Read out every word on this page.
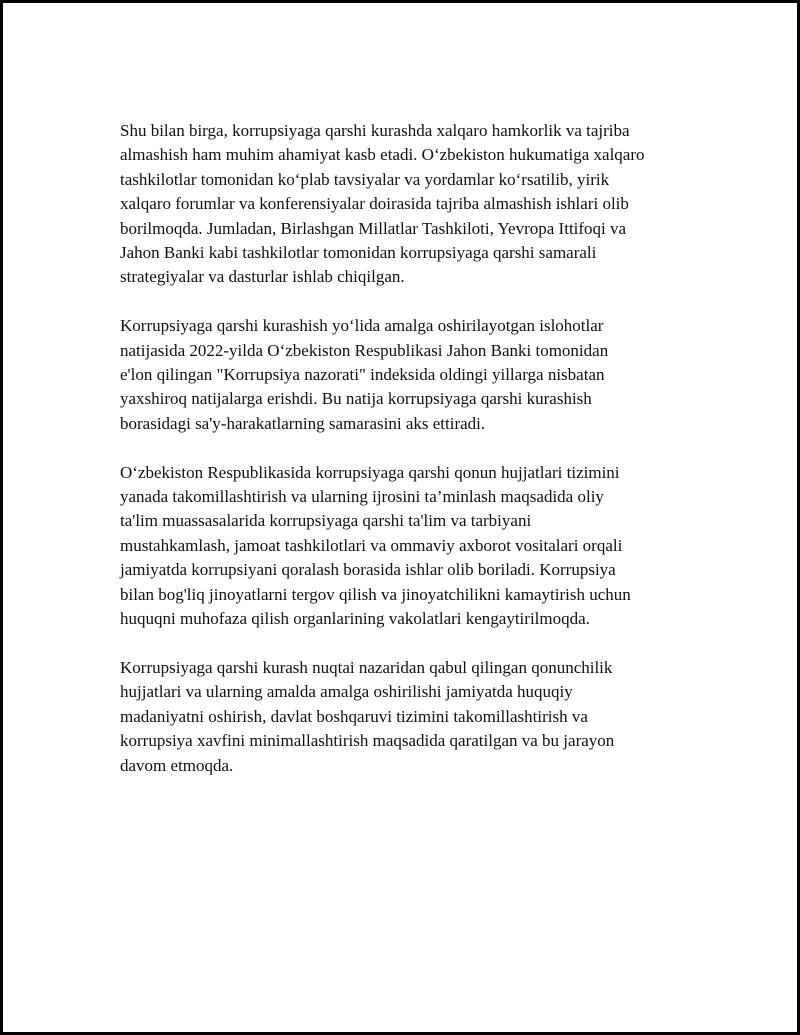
Shu bilan birga, korrupsiyaga qarshi kurashda xalqaro hamkorlik va tajriba
almashish ham muhim ahamiyat kasb etadi. O‘zbekiston hukumatiga xalqaro
tashkilotlar tomonidan ko‘plab tavsiyalar va yordamlar ko‘rsatilib, yirik
xalqaro forumlar va konferensiyalar doirasida tajriba almashish ishlari olib
borilmoqda. Jumladan, Birlashgan Millatlar Tashkiloti, Yevropa Ittifoqi va
Jahon Banki kabi tashkilotlar tomonidan korrupsiyaga qarshi samarali
strategiyalar va dasturlar ishlab chiqilgan.

Korrupsiyaga qarshi kurashish yo‘lida amalga oshirilayotgan islohotlar
natijasida 2022-yilda O‘zbekiston Respublikasi Jahon Banki tomonidan
e'lon qilingan "Korrupsiya nazorati" indeksida oldingi yillarga nisbatan
yaxshiroq natijalarga erishdi. Bu natija korrupsiyaga qarshi kurashish
borasidagi sa'y-harakatlarning samarasini aks ettiradi.

O‘zbekiston Respublikasida korrupsiyaga qarshi qonun hujjatlari tizimini
yanada takomillashtirish va ularning ijrosini ta’minlash maqsadida oliy
ta'lim muassasalarida korrupsiyaga qarshi ta'lim va tarbiyani
mustahkamlash, jamoat tashkilotlari va ommaviy axborot vositalari orqali
jamiyatda korrupsiyani qoralash borasida ishlar olib boriladi. Korrupsiya
bilan bog'liq jinoyatlarni tergov qilish va jinoyatchilikni kamaytirish uchun
huquqni muhofaza qilish organlarining vakolatlari kengaytirilmoqda.

Korrupsiyaga qarshi kurash nuqtai nazaridan qabul qilingan qonunchilik
hujjatlari va ularning amalda amalga oshirilishi jamiyatda huquqiy
madaniyatni oshirish, davlat boshqaruvi tizimini takomillashtirish va
korrupsiya xavfini minimallashtirish maqsadida qaratilgan va bu jarayon
davom etmoqda.
